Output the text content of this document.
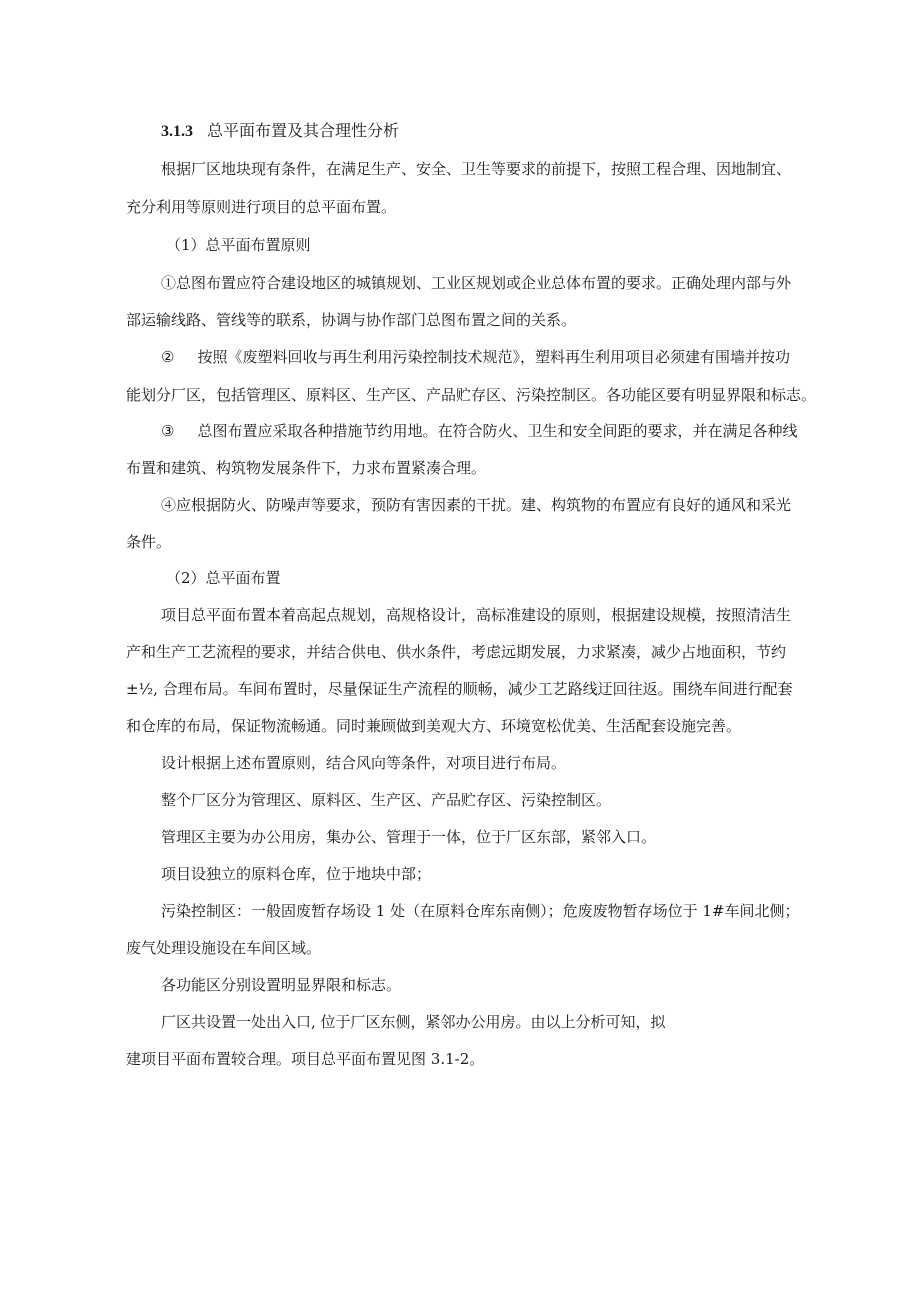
3.1.3 总平面布置及其合理性分析
根据厂区地块现有条件，在满足生产、安全、卫生等要求的前提下，按照工程合理、因地制宜、
充分利用等原则进行项目的总平面布置。
（1）总平面布置原则
①总图布置应符合建设地区的城镇规划、工业区规划或企业总体布置的要求。正确处理内部与外
部运输线路、管线等的联系，协调与协作部门总图布置之间的关系。
② 按照《废塑料回收与再生利用污染控制技术规范》，塑料再生利用项目必须建有围墙并按功
能划分厂区，包括管理区、原料区、生产区、产品贮存区、污染控制区。各功能区要有明显界限和标志。
③ 总图布置应采取各种措施节约用地。在符合防火、卫生和安全间距的要求，并在满足各种线
布置和建筑、构筑物发展条件下，力求布置紧凑合理。
④应根据防火、防噪声等要求，预防有害因素的干扰。建、构筑物的布置应有良好的通风和采光
条件。
（2）总平面布置
项目总平面布置本着高起点规划，高规格设计，高标准建设的原则，根据建设规模，按照清洁生
产和生产工艺流程的要求，并结合供电、供水条件，考虑远期发展，力求紧凑，减少占地面积，节约
±½, 合理布局。车间布置时，尽量保证生产流程的顺畅，减少工艺路线迂回往返。围绕车间进行配套
和仓库的布局，保证物流畅通。同时兼顾做到美观大方、环境宽松优美、生活配套设施完善。
设计根据上述布置原则，结合风向等条件，对项目进行布局。
整个厂区分为管理区、原料区、生产区、产品贮存区、污染控制区。
管理区主要为办公用房，集办公、管理于一体，位于厂区东部，紧邻入口。
项目设独立的原料仓库，位于地块中部；
污染控制区：一般固废暂存场设 1 处（在原料仓库东南侧）；危废废物暂存场位于 1#车间北侧；
废气处理设施设在车间区域。
各功能区分别设置明显界限和标志。
厂区共设置一处出入口, 位于厂区东侧，紧邻办公用房。由以上分析可知，拟
建项目平面布置较合理。项目总平面布置见图 3.1-2。
